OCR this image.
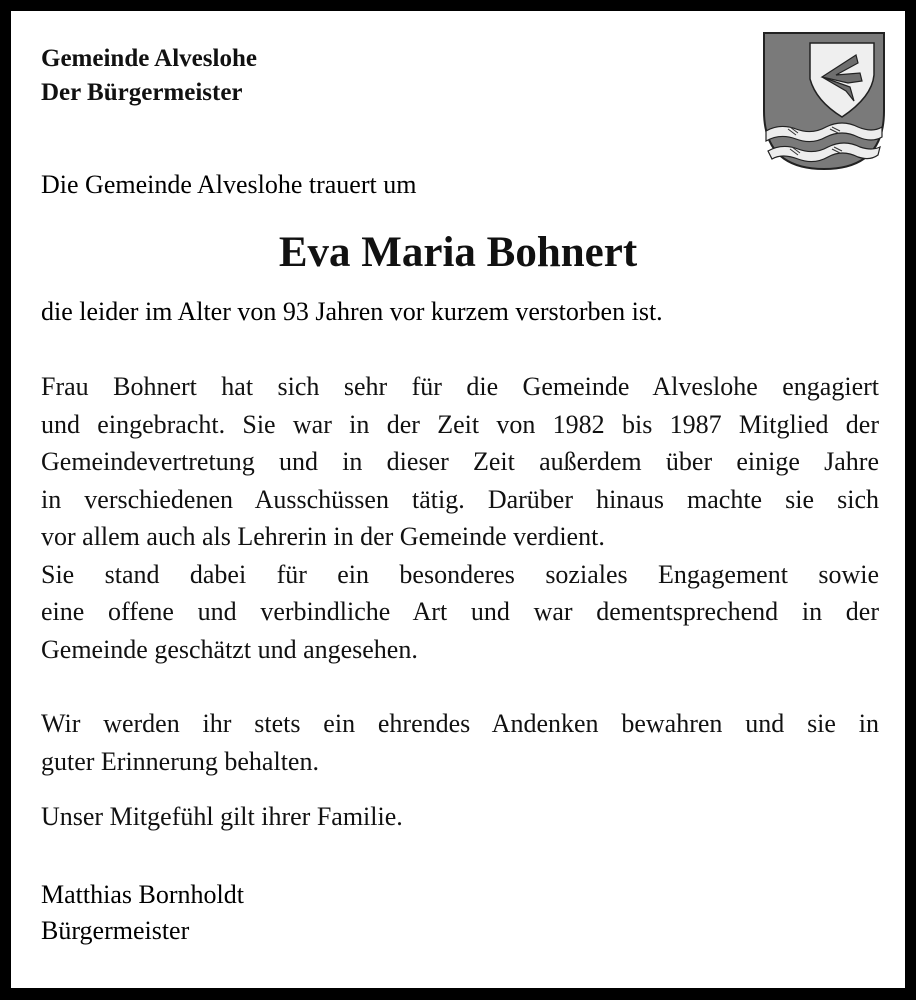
Gemeinde Alveslohe
Der Bürgermeister
Die Gemeinde Alveslohe trauert um
Eva Maria Bohnert
die leider im Alter von 93 Jahren vor kurzem verstorben ist.
Frau Bohnert hat sich sehr für die Gemeinde Alveslohe engagiert
und eingebracht. Sie war in der Zeit von 1982 bis 1987 Mitglied der
Gemeindevertretung und in dieser Zeit außerdem über einige Jahre
in verschiedenen Ausschüssen tätig. Darüber hinaus machte sie sich
vor allem auch als Lehrerin in der Gemeinde verdient.
Sie stand dabei für ein besonderes soziales Engagement sowie
eine offene und verbindliche Art und war dementsprechend in der
Gemeinde geschätzt und angesehen.
Wir werden ihr stets ein ehrendes Andenken bewahren und sie in
guter Erinnerung behalten.
Unser Mitgefühl gilt ihrer Familie.
Matthias Bornholdt
Bürgermeister
